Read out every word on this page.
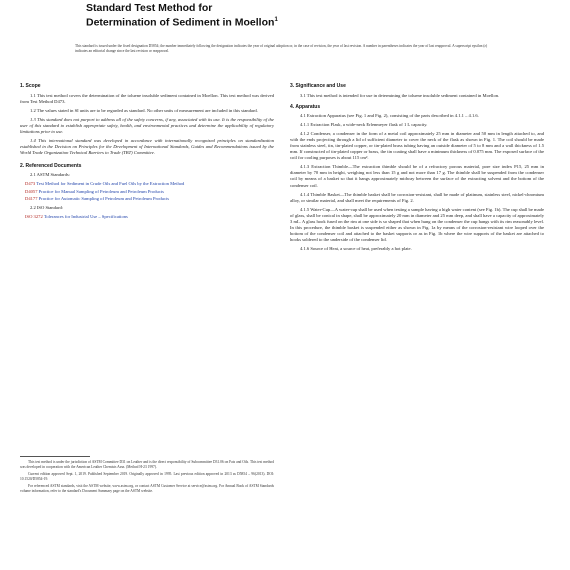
Standard Test Method for
Determination of Sediment in Moellon$^1$
This standard is issued under the fixed designation D5854; the number immediately following the designation indicates the year of original adoption or, in the case of revision, the year of last revision. A number in parentheses indicates the year of last reapproval. A superscript epsilon (ε) indicates an editorial change since the last revision or reapproval.
1. Scope
1.1 This test method covers the determination of the toluene insoluble sediment contained in Moellon. This test method was derived from Test Method D473.
1.2 The values stated in SI units are to be regarded as standard. No other units of measurement are included in this standard.
1.3 This standard does not purport to address all of the safety concerns, if any, associated with its use. It is the responsibility of the user of this standard to establish appropriate safety, health, and environmental practices and determine the applicability of regulatory limitations prior to use.
1.4 This international standard was developed in accordance with internationally recognized principles on standardization established in the Decision on Principles for the Development of International Standards, Guides and Recommendations issued by the World Trade Organization Technical Barriers to Trade (TBT) Committee.
2. Referenced Documents
2.1 ASTM Standards:
D473 Test Method for Sediment in Crude Oils and Fuel Oils by the Extraction Method
D4057 Practice for Manual Sampling of Petroleum and Petroleum Products
D4177 Practice for Automatic Sampling of Petroleum and Petroleum Products
2.2 ISO Standard:
ISO 3272 Tolerances for Industrial Use – Specifications
This test method is under the jurisdiction of ASTM Committee D31 on Leather and is the direct responsibility of Subcommittee D31.06 on Fats and Oils. This test method was developed in cooperation with the American Leather Chemists Assn. (Method H-23 1997).
Current edition approved Sept. 1, 2019. Published September 2019. Originally approved in 1995. Last previous edition approved in 2013 as D5854 – 96(2013). DOI: 10.1520/D5854-19.
For referenced ASTM standards, visit the ASTM website, www.astm.org, or contact ASTM Customer Service at service@astm.org. For Annual Book of ASTM Standards volume information, refer to the standard's Document Summary page on the ASTM website.
3. Significance and Use
3.1 This test method is intended for use in determining the toluene insoluble sediment contained in Moellon.
4. Apparatus
4.1 Extraction Apparatus (see Fig. 1 and Fig. 2), consisting of the parts described in 4.1.1 – 4.1.6.
4.1.1 Extraction Flask, a wide-neck Erlenmeyer flask of 1 L capacity.
4.1.2 Condenser, a condenser in the form of a metal coil approximately 25 mm in diameter and 50 mm in length attached to, and with the ends projecting through a lid of sufficient diameter to cover the neck of the flask as shown in Fig. 1. The coil should be made from stainless steel, tin, tin-plated copper, or tin-plated brass tubing having an outside diameter of 5 to 8 mm and a wall thickness of 1.5 mm. If constructed of tin-plated copper or brass, the tin coating shall have a minimum thickness of 0.075 mm. The exposed surface of the coil for cooling purposes is about 115 cm².
4.1.3 Extraction Thimble—The extraction thimble should be of a refractory porous material, pore size index P15, 25 mm in diameter by 70 mm in height, weighing not less than 15 g and not more than 17 g. The thimble shall be suspended from the condenser coil by means of a basket so that it hangs approximately midway between the surface of the extracting solvent and the bottom of the condenser coil.
4.1.4 Thimble Basket—The thimble basket shall be corrosion-resistant, shall be made of platinum, stainless steel, nickel-chromium alloy, or similar material, and shall meet the requirements of Fig. 2.
4.1.5 Water-Cup—A water-cup shall be used when testing a sample having a high water content (see Fig. 1b). The cup shall be made of glass, shall be conical in shape, shall be approximately 20 mm in diameter and 25 mm deep, and shall have a capacity of approximately 3 mL. A glass hook fused on the rim at one side is so shaped that when hung on the condenser the cup hangs with its rim reasonably level. In this procedure, the thimble basket is suspended either as shown in Fig. 1a by means of the corrosion-resistant wire looped over the bottom of the condenser coil and attached to the basket supports or as in Fig. 1b where the wire supports of the basket are attached to hooks soldered to the underside of the condenser lid.
4.1.6 Source of Heat, a source of heat, preferably a hot plate.
